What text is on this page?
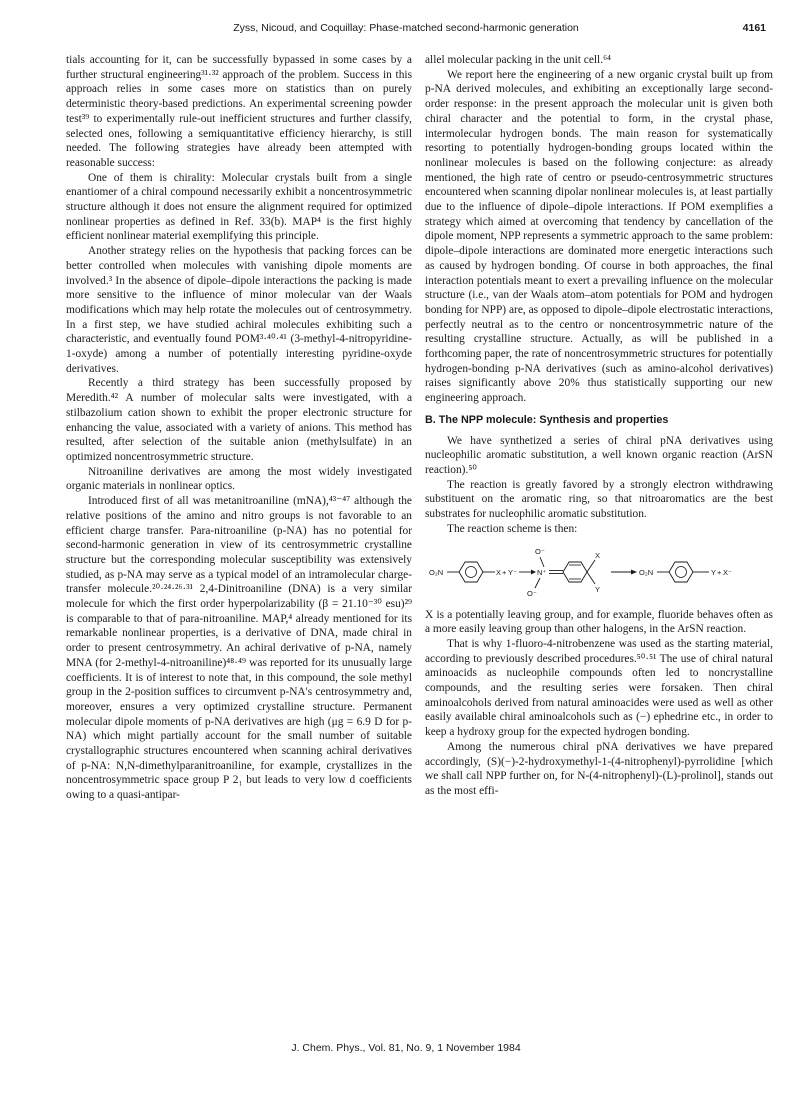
Zyss, Nicoud, and Coquillay: Phase-matched second-harmonic generation	4161

tials accounting for it, can be successfully bypassed in some cases by a further structural engineering³¹·³² approach of the problem. Success in this approach relies in some cases more on statistics than on purely deterministic theory-based predictions. An experimental screening powder test³⁹ to experimentally rule-out inefficient structures and further classify, selected ones, following a semiquantitative efficiency hierarchy, is still needed. The following strategies have already been attempted with reasonable success:

One of them is chirality: Molecular crystals built from a single enantiomer of a chiral compound necessarily exhibit a noncentrosymmetric structure although it does not ensure the alignment required for optimized nonlinear properties as defined in Ref. 33(b). MAP⁴ is the first highly efficient nonlinear material exemplifying this principle.

Another strategy relies on the hypothesis that packing forces can be better controlled when molecules with vanishing dipole moments are involved.³ In the absence of dipole–dipole interactions the packing is made more sensitive to the influence of minor molecular van der Waals modifications which may help rotate the molecules out of centrosymmetry. In a first step, we have studied achiral molecules exhibiting such a characteristic, and eventually found POM³·⁴⁰·⁴¹ (3-methyl-4-nitropyridine-1-oxyde) among a number of potentially interesting pyridine-oxyde derivatives.

Recently a third strategy has been successfully proposed by Meredith.⁴² A number of molecular salts were investigated, with a stilbazolium cation shown to exhibit the proper electronic structure for enhancing the value, associated with a variety of anions. This method has resulted, after selection of the suitable anion (methylsulfate) in an optimized noncentrosymmetric structure.

Nitroaniline derivatives are among the most widely investigated organic materials in nonlinear optics.

Introduced first of all was metanitroaniline (mNA),⁴³⁻⁴⁷ although the relative positions of the amino and nitro groups is not favorable to an efficient charge transfer. Para-nitroaniline (p-NA) has no potential for second-harmonic generation in view of its centrosymmetric crystalline structure but the corresponding molecular susceptibility was extensively studied, as p-NA may serve as a typical model of an intramolecular charge-transfer molecule.²⁰·²⁴·²⁶·³¹ 2,4-Dinitroaniline (DNA) is a very similar molecule for which the first order hyperpolarizability (β = 21.10⁻³⁰ esu)²⁹ is comparable to that of para-nitroaniline. MAP,⁴ already mentioned for its remarkable nonlinear properties, is a derivative of DNA, made chiral in order to present centrosymmetry. An achiral derivative of p-NA, namely MNA (for 2-methyl-4-nitroaniline)⁴⁸·⁴⁹ was reported for its unusually large coefficients. It is of interest to note that, in this compound, the sole methyl group in the 2-position suffices to circumvent p-NA's centrosymmetry and, moreover, ensures a very optimized crystalline structure. Permanent molecular dipole moments of p-NA derivatives are high (μg = 6.9 D for p-NA) which might partially account for the small number of suitable crystallographic structures encountered when scanning achiral derivatives of p-NA: N,N-dimethylparanitroaniline, for example, crystallizes in the noncentrosymmetric space group P 2₁ but leads to very low d coefficients owing to a quasi-antipar-

allel molecular packing in the unit cell.⁶⁴

We report here the engineering of a new organic crystal built up from p-NA derived molecules, and exhibiting an exceptionally large second-order response: in the present approach the molecular unit is given both chiral character and the potential to form, in the crystal phase, intermolecular hydrogen bonds. The main reason for systematically resorting to potentially hydrogen-bonding groups located within the nonlinear molecules is based on the following conjecture: as already mentioned, the high rate of centro or pseudo-centrosymmetric structures encountered when scanning dipolar nonlinear molecules is, at least partially due to the influence of dipole–dipole interactions. If POM exemplifies a strategy which aimed at overcoming that tendency by cancellation of the dipole moment, NPP represents a symmetric approach to the same problem: dipole–dipole interactions are dominated more energetic interactions such as caused by hydrogen bonding. Of course in both approaches, the final interaction potentials meant to exert a prevailing influence on the molecular structure (i.e., van der Waals atom–atom potentials for POM and hydrogen bonding for NPP) are, as opposed to dipole–dipole electrostatic interactions, perfectly neutral as to the centro or noncentrosymmetric nature of the resulting crystalline structure. Actually, as will be published in a forthcoming paper, the rate of noncentrosymmetric structures for potentially hydrogen-bonding p-NA derivatives (such as amino-alcohol derivatives) raises significantly above 20% thus statistically supporting our new engineering approach.

B. The NPP molecule: Synthesis and properties

We have synthetized a series of chiral pNA derivatives using nucleophilic aromatic substitution, a well known organic reaction (ArSN reaction).⁵⁰

The reaction is greatly favored by a strongly electron withdrawing substituent on the aromatic ring, so that nitroaromatics are the best substrates for nucleophilic aromatic substitution.

The reaction scheme is then:

O₂N	X + Y⁻
O⁻
N⁺
O⁻
X
Y
O₂N	Y + X⁻

X is a potentially leaving group, and for example, fluoride behaves often as a more easily leaving group than other halogens, in the ArSN reaction.

That is why 1-fluoro-4-nitrobenzene was used as the starting material, according to previously described procedures.⁵⁰·⁵¹ The use of chiral natural aminoacids as nucleophile compounds often led to noncrystalline compounds, and the resulting series were forsaken. Then chiral aminoalcohols derived from natural aminoacides were used as well as other easily available chiral aminoalcohols such as (−) ephedrine etc., in order to keep a hydroxy group for the expected hydrogen bonding.

Among the numerous chiral pNA derivatives we have prepared accordingly, (S)(−)-2-hydroxymethyl-1-(4-nitrophenyl)-pyrrolidine [which we shall call NPP further on, for N-(4-nitrophenyl)-(L)-prolinol], stands out as the most effi-

J. Chem. Phys., Vol. 81, No. 9, 1 November 1984
